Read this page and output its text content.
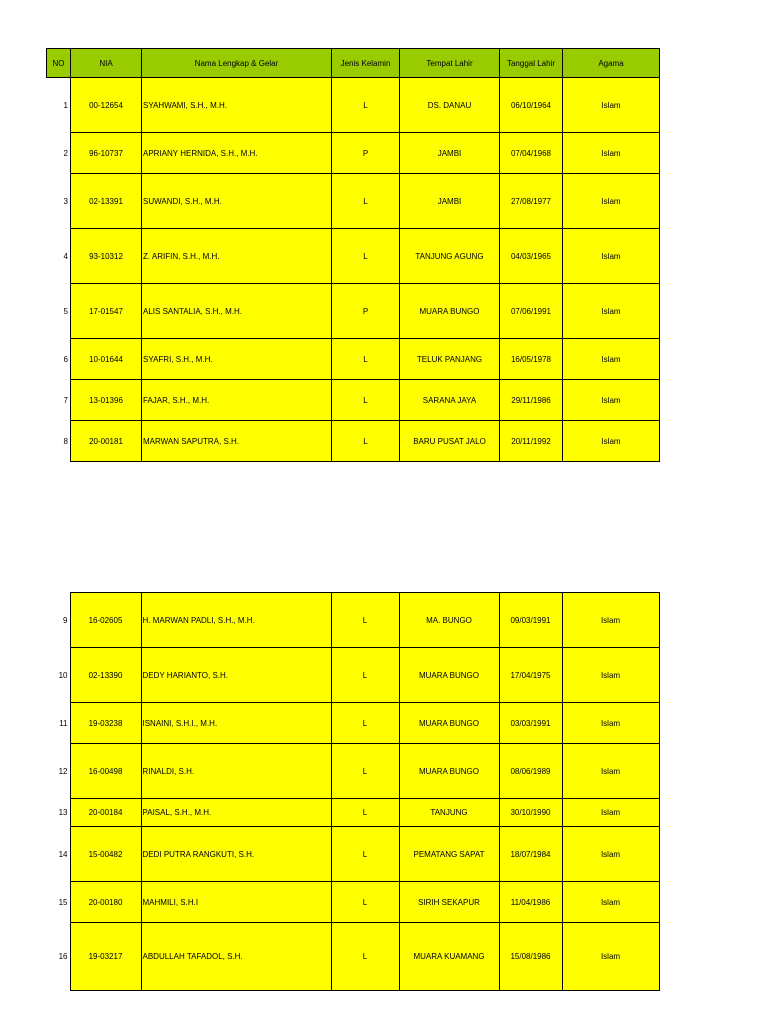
NO	NIA	Nama Lengkap & Gelar	Jenis Kelamin	Tempat Lahir	Tanggal Lahir	Agama
1	00-12654	SYAHWAMI, S.H., M.H.	L	DS. DANAU	06/10/1964	Islam
2	96-10737	APRIANY HERNIDA, S.H., M.H.	P	JAMBI	07/04/1968	Islam
3	02-13391	SUWANDI, S.H., M.H.	L	JAMBI	27/08/1977	Islam
4	93-10312	Z. ARIFIN, S.H., M.H.	L	TANJUNG AGUNG	04/03/1965	Islam
5	17-01547	ALIS SANTALIA, S.H., M.H.	P	MUARA BUNGO	07/06/1991	Islam
6	10-01644	SYAFRI, S.H., M.H.	L	TELUK PANJANG	16/05/1978	Islam
7	13-01396	FAJAR, S.H., M.H.	L	SARANA JAYA	29/11/1986	Islam
8	20-00181	MARWAN SAPUTRA, S.H.	L	BARU PUSAT JALO	20/11/1992	Islam
9	16-02605	H. MARWAN PADLI, S.H., M.H.	L	MA. BUNGO	09/03/1991	Islam
10	02-13390	DEDY HARIANTO, S.H.	L	MUARA BUNGO	17/04/1975	Islam
11	19-03238	ISNAINI, S.H.I., M.H.	L	MUARA BUNGO	03/03/1991	Islam
12	16-00498	RINALDI, S.H.	L	MUARA BUNGO	08/06/1989	Islam
13	20-00184	PAISAL, S.H., M.H.	L	TANJUNG	30/10/1990	Islam
14	15-00482	DEDI PUTRA RANGKUTI, S.H.	L	PEMATANG SAPAT	18/07/1984	Islam
15	20-00180	MAHMILI, S.H.I	L	SIRIH SEKAPUR	11/04/1986	Islam
16	19-03217	ABDULLAH TAFADOL, S.H.	L	MUARA KUAMANG	15/08/1986	Islam
